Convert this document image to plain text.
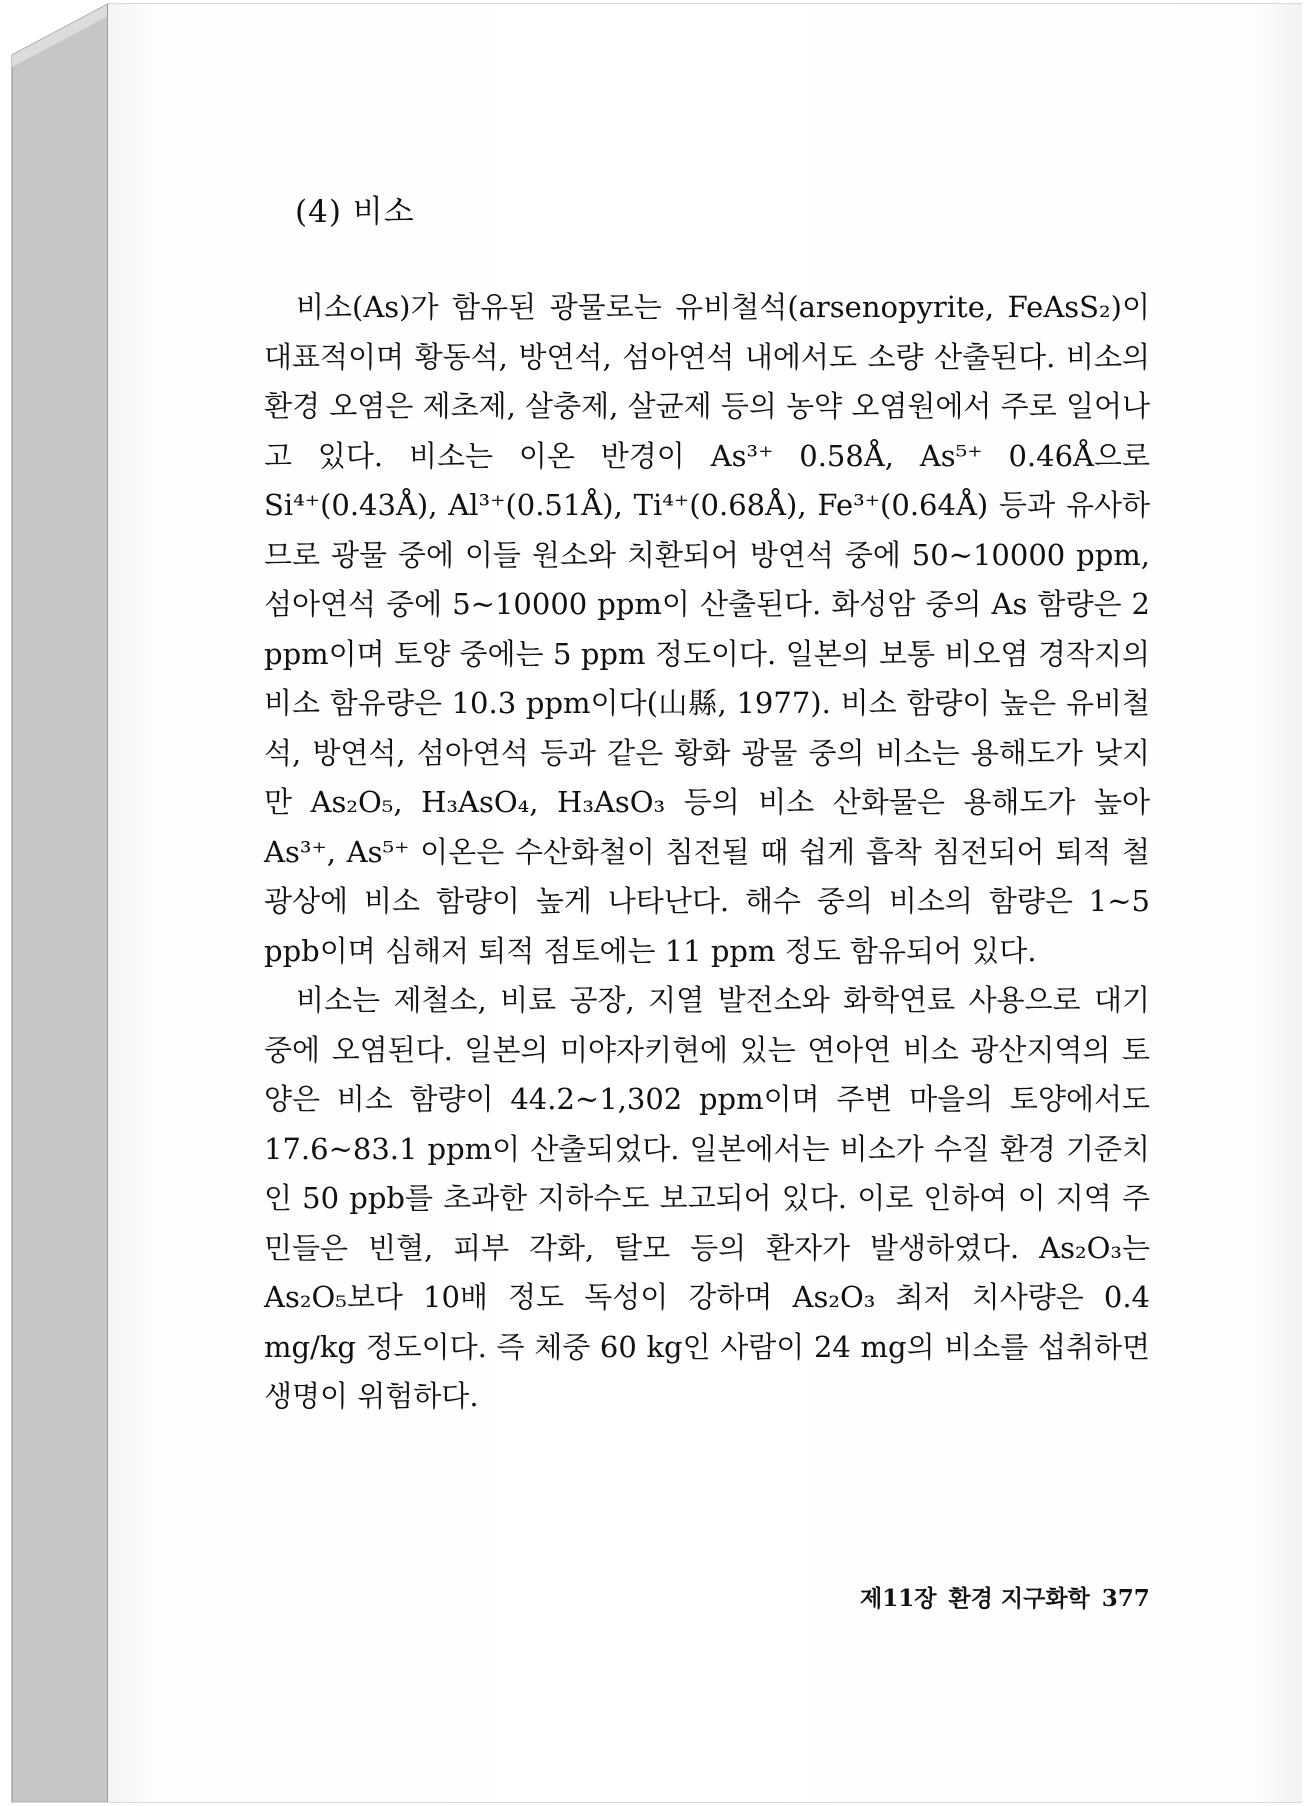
(4) 비소

비소(As)가 함유된 광물로는 유비철석(arsenopyrite, FeAsS₂)이 대표적이며 황동석, 방연석, 섬아연석 내에서도 소량 산출된다. 비소의 환경 오염은 제초제, 살충제, 살균제 등의 농약 오염원에서 주로 일어나고 있다. 비소는 이온 반경이 As³⁺ 0.58Å, As⁵⁺ 0.46Å으로 Si⁴⁺(0.43Å), Al³⁺(0.51Å), Ti⁴⁺(0.68Å), Fe³⁺(0.64Å) 등과 유사하므로 광물 중에 이들 원소와 치환되어 방연석 중에 50~10000 ppm, 섬아연석 중에 5~10000 ppm이 산출된다. 화성암 중의 As 함량은 2 ppm이며 토양 중에는 5 ppm 정도이다. 일본의 보통 비오염 경작지의 비소 함유량은 10.3 ppm이다(山縣, 1977). 비소 함량이 높은 유비철석, 방연석, 섬아연석 등과 같은 황화 광물 중의 비소는 용해도가 낮지만 As₂O₅, H₃AsO₄, H₃AsO₃ 등의 비소 산화물은 용해도가 높아 As³⁺, As⁵⁺ 이온은 수산화철이 침전될 때 쉽게 흡착 침전되어 퇴적 철 광상에 비소 함량이 높게 나타난다. 해수 중의 비소의 함량은 1~5 ppb이며 심해저 퇴적 점토에는 11 ppm 정도 함유되어 있다.

비소는 제철소, 비료 공장, 지열 발전소와 화학연료 사용으로 대기 중에 오염된다. 일본의 미야자키현에 있는 연아연 비소 광산지역의 토양은 비소 함량이 44.2~1,302 ppm이며 주변 마을의 토양에서도 17.6~83.1 ppm이 산출되었다. 일본에서는 비소가 수질 환경 기준치인 50 ppb를 초과한 지하수도 보고되어 있다. 이로 인하여 이 지역 주민들은 빈혈, 피부 각화, 탈모 등의 환자가 발생하였다. As₂O₃는 As₂O₅보다 10배 정도 독성이 강하며 As₂O₃ 최저 치사량은 0.4 mg/kg 정도이다. 즉 체중 60 kg인 사람이 24 mg의 비소를 섭취하면 생명이 위험하다.

제11장 환경 지구화학 377
